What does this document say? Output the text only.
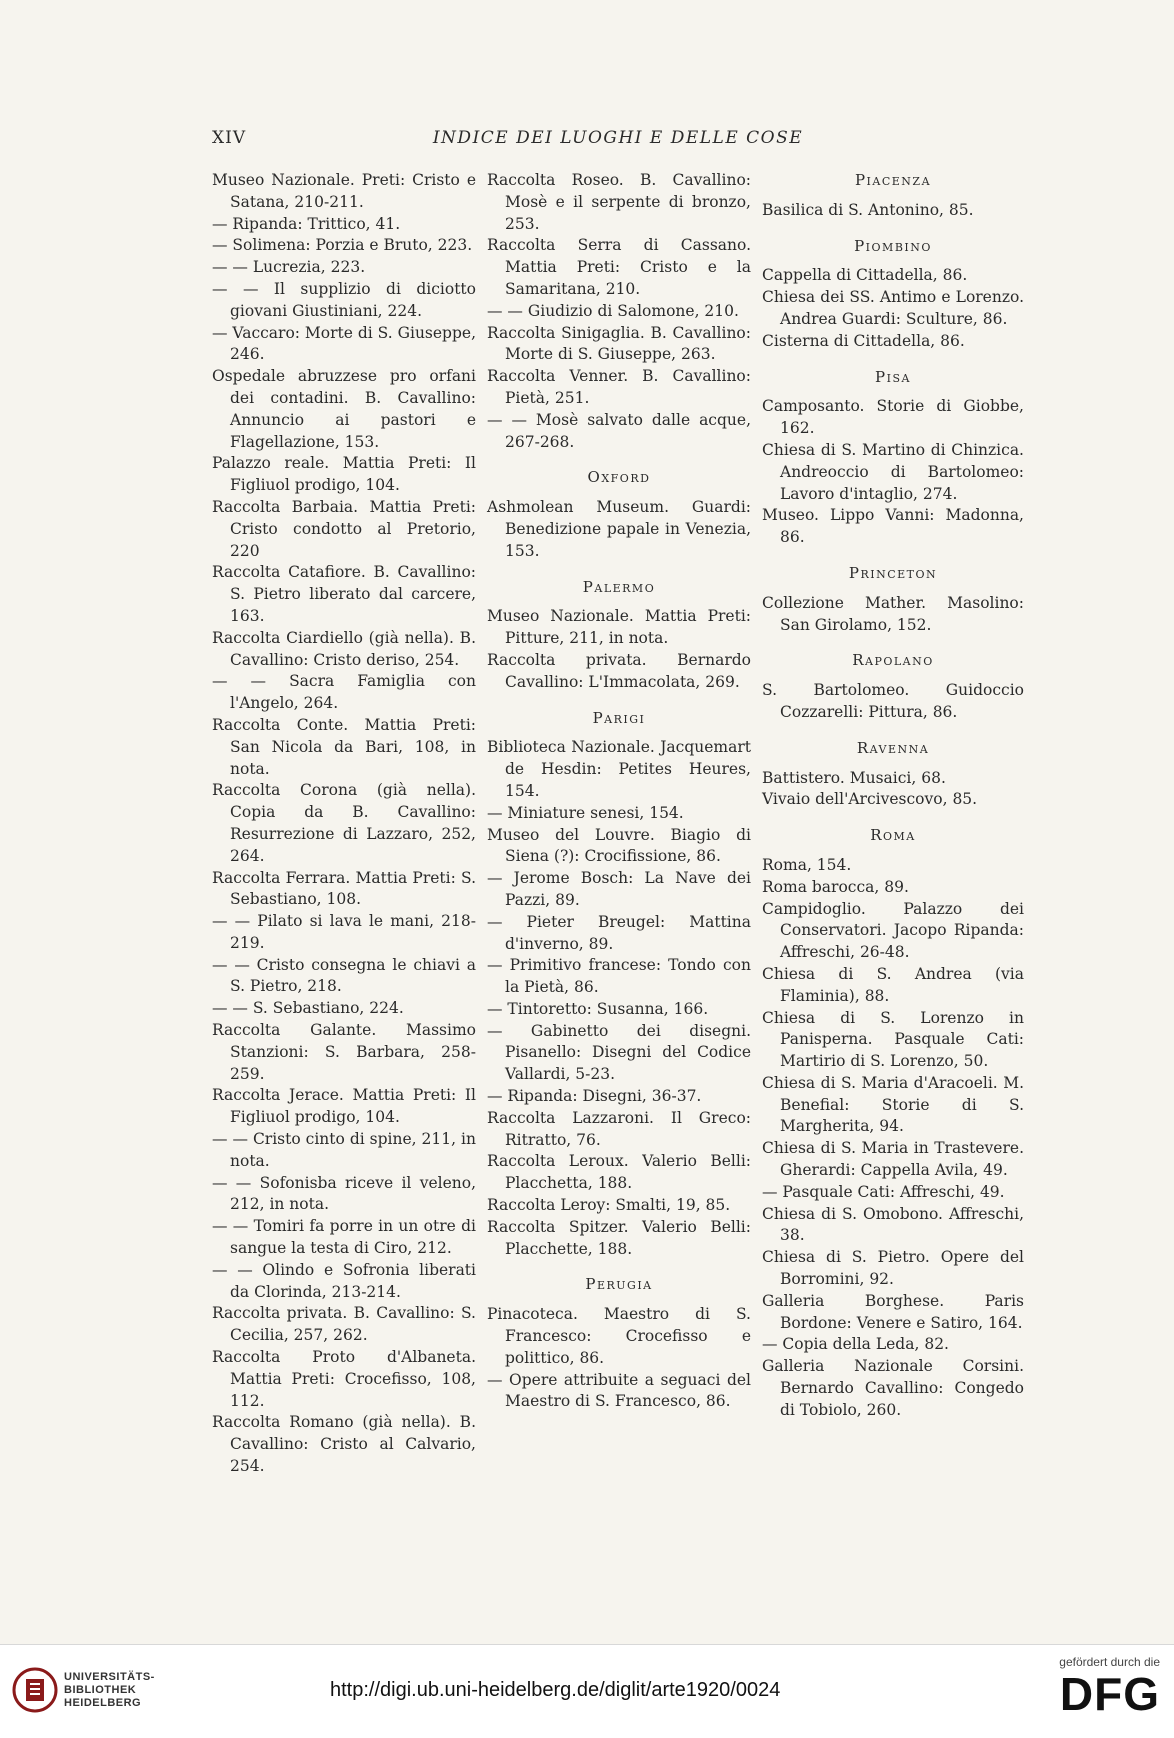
XIV	INDICE DEI LUOGHI E DELLE COSE
Museo Nazionale. Preti: Cristo e Satana, 210-211.
— Ripanda: Trittico, 41.
— Solimena: Porzia e Bruto, 223.
— — Lucrezia, 223.
— — Il supplizio di diciotto giovani Giustiniani, 224.
— Vaccaro: Morte di S. Giuseppe, 246.
Ospedale abruzzese pro orfani dei contadini. B. Cavallino: Annuncio ai pastori e Flagellazione, 153.
Palazzo reale. Mattia Preti: Il Figliuol prodigo, 104.
Raccolta Barbaia. Mattia Preti: Cristo condotto al Pretorio, 220
Raccolta Catafiore. B. Cavallino: S. Pietro liberato dal carcere, 163.
Raccolta Ciardiello (già nella). B. Cavallino: Cristo deriso, 254.
— — Sacra Famiglia con l'Angelo, 264.
Raccolta Conte. Mattia Preti: San Nicola da Bari, 108, in nota.
Raccolta Corona (già nella). Copia da B. Cavallino: Resurrezione di Lazzaro, 252, 264.
Raccolta Ferrara. Mattia Preti: S. Sebastiano, 108.
— — Pilato si lava le mani, 218-219.
— — Cristo consegna le chiavi a S. Pietro, 218.
— — S. Sebastiano, 224.
Raccolta Galante. Massimo Stanzioni: S. Barbara, 258-259.
Raccolta Jerace. Mattia Preti: Il Figliuol prodigo, 104.
— — Cristo cinto di spine, 211, in nota.
— — Sofonisba riceve il veleno, 212, in nota.
— — Tomiri fa porre in un otre di sangue la testa di Ciro, 212.
— — Olindo e Sofronia liberati da Clorinda, 213-214.
Raccolta privata. B. Cavallino: S. Cecilia, 257, 262.
Raccolta Proto d'Albaneta. Mattia Preti: Crocefisso, 108, 112.
Raccolta Romano (già nella). B. Cavallino: Cristo al Calvario, 254.
Raccolta Roseo. B. Cavallino: Mosè e il serpente di bronzo, 253.
Raccolta Serra di Cassano. Mattia Preti: Cristo e la Samaritana, 210.
— — Giudizio di Salomone, 210.
Raccolta Sinigaglia. B. Cavallino: Morte di S. Giuseppe, 263.
Raccolta Venner. B. Cavallino: Pietà, 251.
— — Mosè salvato dalle acque, 267-268.
Oxford
Ashmolean Museum. Guardi: Benedizione papale in Venezia, 153.
Palermo
Museo Nazionale. Mattia Preti: Pitture, 211, in nota.
Raccolta privata. Bernardo Cavallino: L'Immacolata, 269.
Parigi
Biblioteca Nazionale. Jacquemart de Hesdin: Petites Heures, 154.
— Miniature senesi, 154.
Museo del Louvre. Biagio di Siena (?): Crocifissione, 86.
— Jerome Bosch: La Nave dei Pazzi, 89.
— Pieter Breugel: Mattina d'inverno, 89.
— Primitivo francese: Tondo con la Pietà, 86.
— Tintoretto: Susanna, 166.
— Gabinetto dei disegni. Pisanello: Disegni del Codice Vallardi, 5-23.
— Ripanda: Disegni, 36-37.
Raccolta Lazzaroni. Il Greco: Ritratto, 76.
Raccolta Leroux. Valerio Belli: Placchetta, 188.
Raccolta Leroy: Smalti, 19, 85.
Raccolta Spitzer. Valerio Belli: Placchette, 188.
Perugia
Pinacoteca. Maestro di S. Francesco: Crocefisso e polittico, 86.
— Opere attribuite a seguaci del Maestro di S. Francesco, 86.
Piacenza
Basilica di S. Antonino, 85.
Piombino
Cappella di Cittadella, 86.
Chiesa dei SS. Antimo e Lorenzo. Andrea Guardi: Sculture, 86.
Cisterna di Cittadella, 86.
Pisa
Camposanto. Storie di Giobbe, 162.
Chiesa di S. Martino di Chinzica. Andreoccio di Bartolomeo: Lavoro d'intaglio, 274.
Museo. Lippo Vanni: Madonna, 86.
Princeton
Collezione Mather. Masolino: San Girolamo, 152.
Rapolano
S. Bartolomeo. Guidoccio Cozzarelli: Pittura, 86.
Ravenna
Battistero. Musaici, 68.
Vivaio dell'Arcivescovo, 85.
Roma
Roma, 154.
Roma barocca, 89.
Campidoglio. Palazzo dei Conservatori. Jacopo Ripanda: Affreschi, 26-48.
Chiesa di S. Andrea (via Flaminia), 88.
Chiesa di S. Lorenzo in Panisperna. Pasquale Cati: Martirio di S. Lorenzo, 50.
Chiesa di S. Maria d'Aracoeli. M. Benefial: Storie di S. Margherita, 94.
Chiesa di S. Maria in Trastevere. Gherardi: Cappella Avila, 49.
— Pasquale Cati: Affreschi, 49.
Chiesa di S. Omobono. Affreschi, 38.
Chiesa di S. Pietro. Opere del Borromini, 92.
Galleria Borghese. Paris Bordone: Venere e Satiro, 164.
— Copia della Leda, 82.
Galleria Nazionale Corsini. Bernardo Cavallino: Congedo di Tobiolo, 260.
UNIVERSITÄTS-
BIBLIOTHEK
HEIDELBERG
http://digi.ub.uni-heidelberg.de/diglit/arte1920/0024
gefördert durch die
DFG
